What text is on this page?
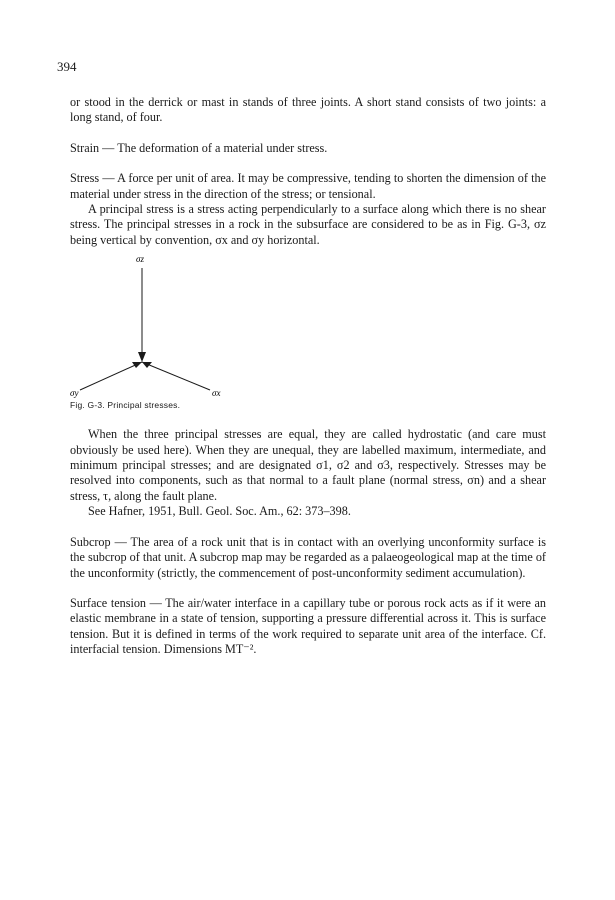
394

or stood in the derrick or mast in stands of three joints. A short stand consists of two joints: a long stand, of four.

Strain — The deformation of a material under stress.

Stress — A force per unit of area. It may be compressive, tending to shorten the dimension of the material under stress in the direction of the stress; or tensional.

A principal stress is a stress acting perpendicularly to a surface along which there is no shear stress. The principal stresses in a rock in the subsurface are considered to be as in Fig. G-3, σz being vertical by convention, σx and σy horizontal.

σz
σx
σy
Fig. G-3. Principal stresses.

When the three principal stresses are equal, they are called hydrostatic (and care must obviously be used here). When they are unequal, they are labelled maximum, intermediate, and minimum principal stresses; and are designated σ1, σ2 and σ3, respectively. Stresses may be resolved into components, such as that normal to a fault plane (normal stress, σn) and a shear stress, τ, along the fault plane.

See Hafner, 1951, Bull. Geol. Soc. Am., 62: 373–398.

Subcrop — The area of a rock unit that is in contact with an overlying unconformity surface is the subcrop of that unit. A subcrop map may be regarded as a palaeogeological map at the time of the unconformity (strictly, the commencement of post-unconformity sediment accumulation).

Surface tension — The air/water interface in a capillary tube or porous rock acts as if it were an elastic membrane in a state of tension, supporting a pressure differential across it. This is surface tension. But it is defined in terms of the work required to separate unit area of the interface. Cf. interfacial tension. Dimensions MT⁻².
